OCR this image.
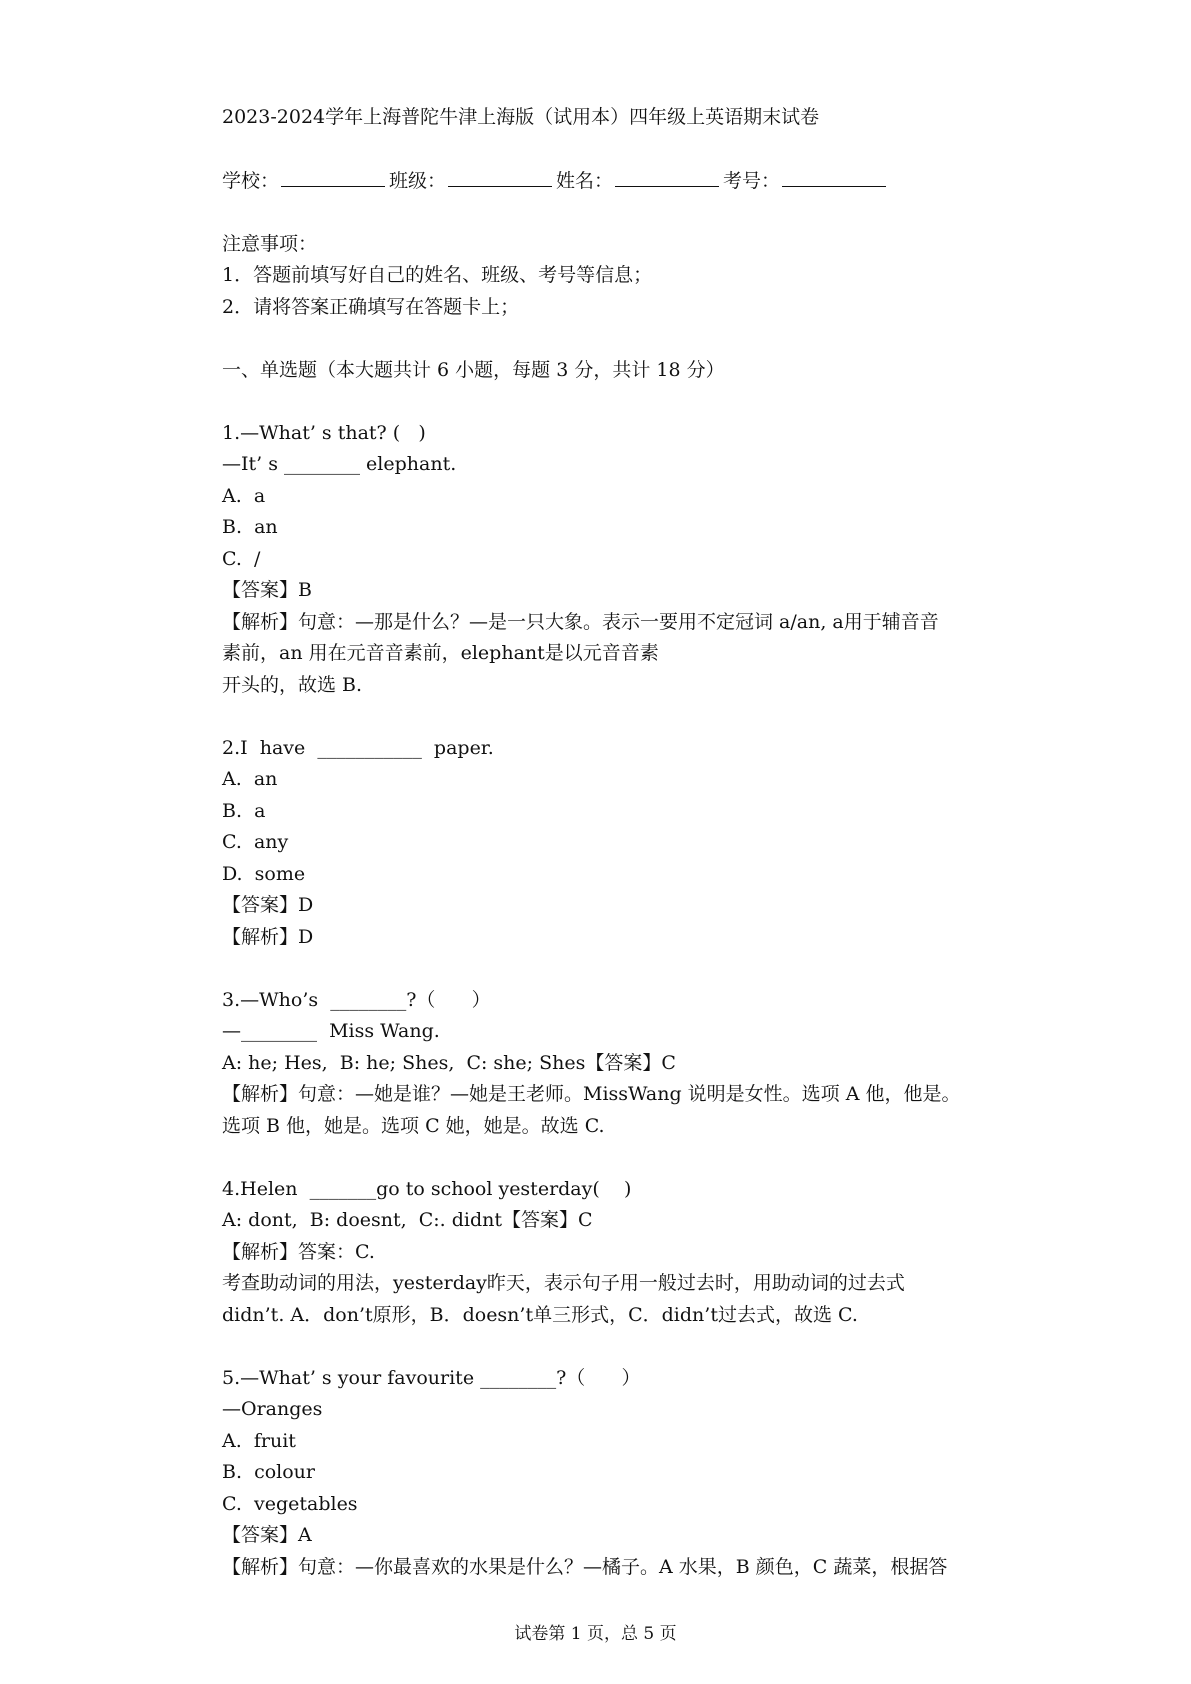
2023-2024学年上海普陀牛津上海版（试用本）四年级上英语期末试卷
学校：	班级：	姓名：	考号：
注意事项：
1．答题前填写好自己的姓名、班级、考号等信息；
2．请将答案正确填写在答题卡上；
一、单选题（本大题共计 6 小题，每题 3 分，共计 18 分）
1.—What’ s that? (   )
—It’ s ________ elephant.
A.  a
B.  an
C.  /
【答案】B
【解析】句意：—那是什么？—是一只大象。表示一要用不定冠词 a/an, a用于辅音音
素前，an 用在元音音素前，elephant是以元音音素
开头的，故选 B.
2.I  have  ___________  paper.
A.  an
B.  a
C.  any
D.  some
【答案】D
【解析】D
3.—Who’s  ________?（      ）
—________  Miss Wang.
A: he; Hes,  B: he; Shes,  C: she; Shes【答案】C
【解析】句意：—她是谁？—她是王老师。MissWang 说明是女性。选项 A 他，他是。
选项 B 他，她是。选项 C 她，她是。故选 C.
4.Helen  _______go to school yesterday(    )
A: dont,  B: doesnt,  C:. didnt【答案】C
【解析】答案：C.
考查助动词的用法，yesterday昨天，表示句子用一般过去时，用助动词的过去式
didn’t. A．don’t原形，B．doesn’t单三形式，C．didn’t过去式，故选 C.
5.—What’ s your favourite ________?（      ）
—Oranges
A.  fruit
B.  colour
C.  vegetables
【答案】A
【解析】句意：—你最喜欢的水果是什么？—橘子。A 水果，B 颜色，C 蔬菜，根据答
试卷第 1 页，总 5 页
